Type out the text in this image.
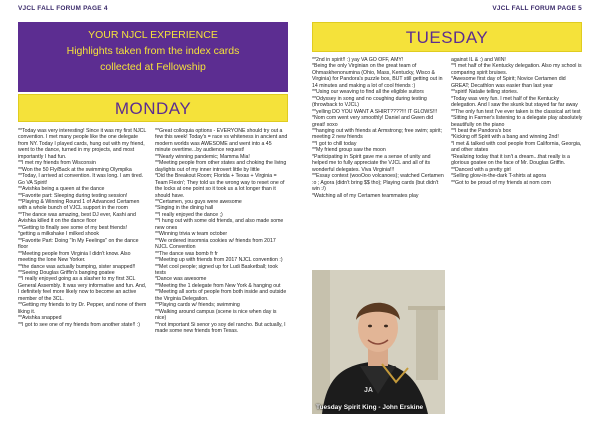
VJCL FALL FORUM PAGE 4	VJCL FALL FORUM PAGE 5
YOUR NJCL EXPERIENCE
Highlights taken from the index cards
collected at Fellowship
MONDAY
TUESDAY

**Today was very interesting! Since it was my first NJCL convention. I met many people like the one delegate from NY. Today I played cards, hung out with my friend, went to the dance, turned in my projects, and most importantly I had fun.

**I met my friends from Wisconsin

**Won the 50 Fly/Back at the swimming Olympika

**Today, I arrived at convention. It was long. I am tired. Go VA Spirit!

**Avishka being a queen at the dance

**Favorite part: Sleeping during testing session!

**Playing & Winning Round 1 of Advanced Certamen with a whole bunch of VJCL support in the room

**The dance was amazing, best DJ ever, Kashi and Avishka killed it on the dance floor

**Getting to finally see some of my best friends!

*getting a milkshake I milked shook

**Favorite Part: Doing "In My Feelings" on the dance floor

**Meeting people from Virginia I didn't know. Also meeting the lone New Yorker.

**the dance was actually bumping, sister snapped!!

**Seeing Douglas Griffin's banging goatee

**I really enjoyed going as a slasher to my first 3CL General Assembly. It was very informative and fun. And, I definitely feel more likely now to become an active member of the 3CL.

**Getting my friends to try Dr. Pepper, and none of them liking it.

**Avishka snapped

**I got to see one of my friends from another state!! :)

**Great colloquia options - EVERYONE should try out a few this week! Today's = race vs whiteness in ancient and modern worlds was AWESOME and went into a 45 minute overtime...by audience request!

**Nearly winning pandemic; Mamma Mia!

**Meeting people from other states and choking the living daylights out of my inner introvert little by little

*Did the Breakout Room; Florida + Texas + Virginia = Team Flexin'; They told us the wrong way to reset one of the locks at one point so it took us a lot longer than it should have.

**Certamen, you guys were awesome

*Singing in the dining hall

**I really enjoyed the dance ;)

**I hung out with some old friends, and also made some new ones

**Winning trivia w team october

**We ordered insomnia cookies w/ friends from 2017 NJCL Convention

**The dance was bomb fr fr

**Meeting up with friends from 2017 NJCL convention :)

**Met cool people; signed up for Ludi Basketball; took tests

*Dance was awesome

**Meeting the 1 delegate from New York & hanging out

**Meeting all sorts of people from both inside and outside the Virginia Delegation.

**Playing cards w/ friends; swimming

**Walking around campus (scene is nice when day is nice)

**not important Si senor yo soy del rancho. But actually, I made some new friends from Texas.

**2nd in spirit!! :) yay VA GO OFF, AMY!

*Being the only Virginian on the great team of Ohmaskhenonumina (Ohio, Mass, Kentucky, Wisco & Virginia) for Pandora's puzzle box, BUT still getting out in 14 minutes and making a lot of cool friends :)

**Using our weaving to find all the eligible suitors

**Odyssey in song and no coughing during testing (throwback to VJCL)

**yelling DO YOU WANT A SHIRT????!!! IT GLOWS!!!

*Nom com went very smoothly! Daniel and Gwen did great! xoxo

**hanging out with friends at Armstrong; free swim; spirit; meeting 2 new friends

**I got to chill today

**My friend group saw the moon

*Participating in Spirit gave me a sense of unity and helped me to fully appreciate the VJCL and all of its wonderful delegates. Viva Virginia!!!

**Essay contest (wooOoo volcanoes); watched Certamen :o ; Agora (didn't bring $$ tho); Playing cards (but didn't win :/)

*Watching all of my Certamen teammates play

against IL & :) and WIN!

**I met half of the Kentucky delegation. Also my school is comparing spirit bruises.

*Awesome first day of Spirit; Novice Certamen did GREAT; Decathlon was easier than last year

**spirit! Natalie telling stories.

*Today was very fun. I met half of the Kentucky delegation. And I saw the skunk but stayed far far away

**The only fun test I've ever taken is the classical art test

*Sitting in Farmer's listening to a delegate play absolutely beautifully on the piano

**I beat the Pandora's box

*Kicking off Spirit with a bang and winning 2nd!

*I met & talked with cool people from California, Georgia, and other states

*Realizing today that it isn't a dream...that really is a glorious goatee on the face of Mr. Douglas Griffin.

**Danced with a pretty girl

*Selling glow-in-the-dark T-shirts at agora

**Got to be proud of my friends at nom com

JA
Tuesday Spirit King - John Erskine
